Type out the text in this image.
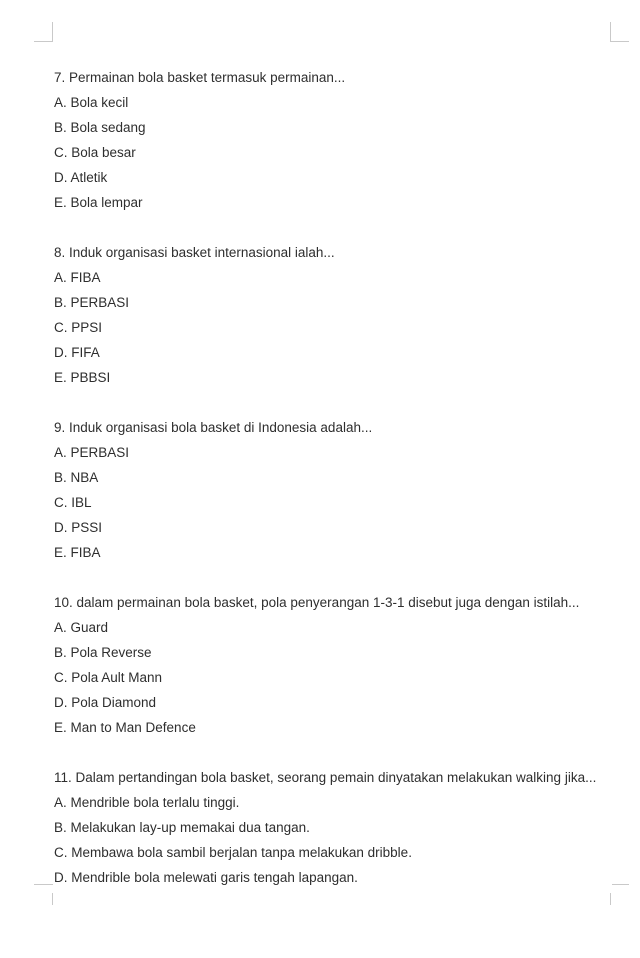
7. Permainan bola basket termasuk permainan...
A. Bola kecil
B. Bola sedang
C. Bola besar
D. Atletik
E. Bola lempar
8. Induk organisasi basket internasional ialah...
A. FIBA
B. PERBASI
C. PPSI
D. FIFA
E. PBBSI
9. Induk organisasi bola basket di Indonesia adalah...
A. PERBASI
B. NBA
C. IBL
D. PSSI
E. FIBA
10. dalam permainan bola basket, pola penyerangan 1-3-1 disebut juga dengan istilah...
A. Guard
B. Pola Reverse
C. Pola Ault Mann
D. Pola Diamond
E. Man to Man Defence
11. Dalam pertandingan bola basket, seorang pemain dinyatakan melakukan walking jika...
A. Mendrible bola terlalu tinggi.
B. Melakukan lay-up memakai dua tangan.
C. Membawa bola sambil berjalan tanpa melakukan dribble.
D. Mendrible bola melewati garis tengah lapangan.
